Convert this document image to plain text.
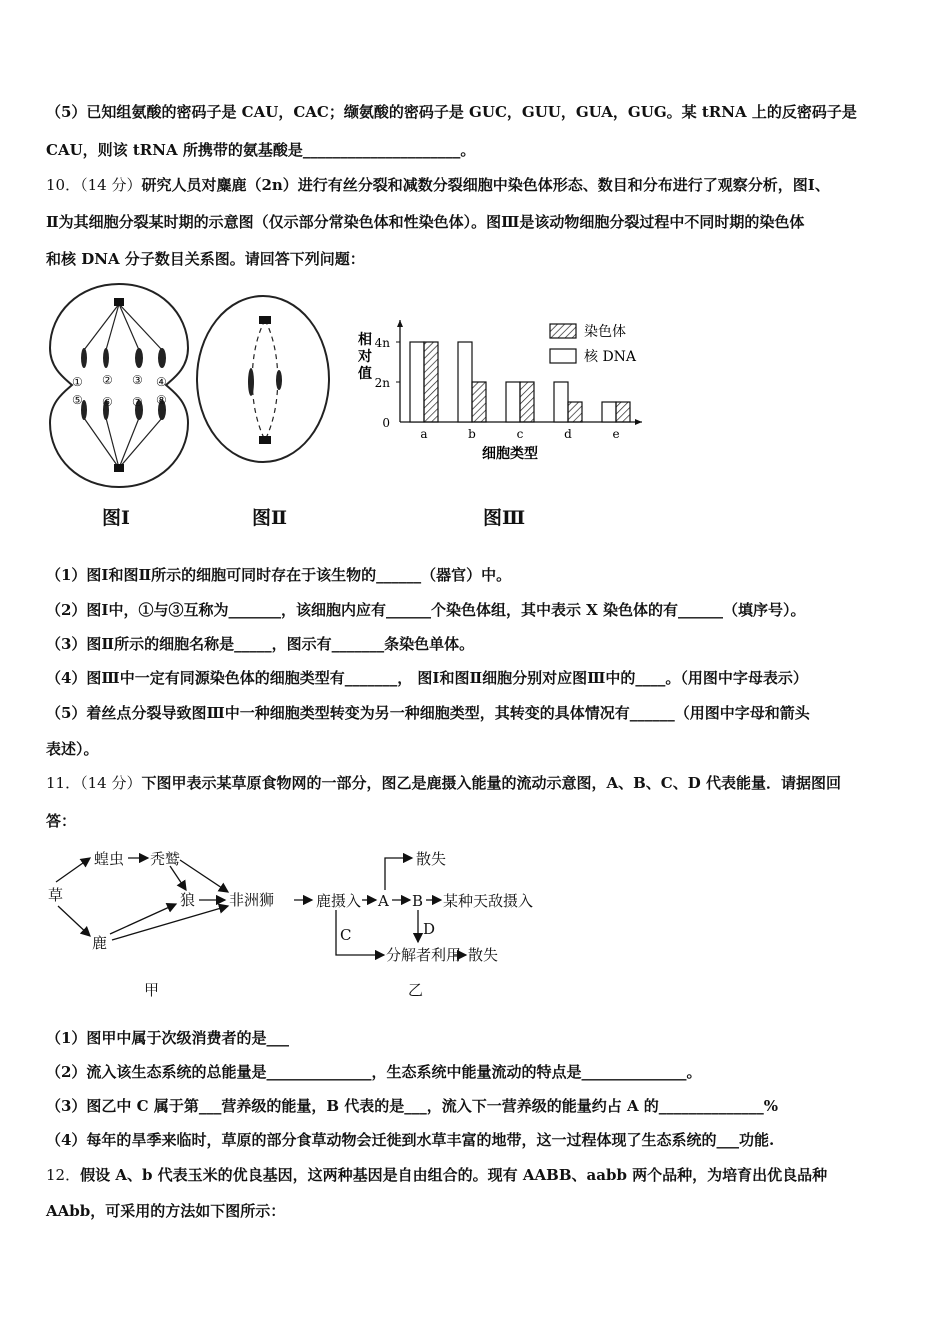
（5）已知组氨酸的密码子是 CAU，CAC；缬氨酸的密码子是 GUC，GUU，GUA，GUG。某 tRNA 上的反密码子是
CAU，则该 tRNA 所携带的氨基酸是_____________________。
10．（14 分）研究人员对麋鹿（2n）进行有丝分裂和减数分裂细胞中染色体形态、数目和分布进行了观察分析，图Ⅰ、
Ⅱ为其细胞分裂某时期的示意图（仅示部分常染色体和性染色体）。图Ⅲ是该动物细胞分裂过程中不同时期的染色体
和核 DNA 分子数目关系图。请回答下列问题：
① ② ③ ④
⑤ ⑥ ⑦ ⑧
图Ⅰ	图Ⅱ
相
对
值
0
2n
4n
a	b	c	d	e
细胞类型
染色体
核 DNA
图Ⅲ
（1）图Ⅰ和图Ⅱ所示的细胞可同时存在于该生物的______（器官）中。
（2）图Ⅰ中，①与③互称为_______，该细胞内应有______个染色体组，其中表示 X 染色体的有______（填序号）。
（3）图Ⅱ所示的细胞名称是_____，图示有_______条染色单体。
（4）图Ⅲ中一定有同源染色体的细胞类型有_______， 图Ⅰ和图Ⅱ细胞分别对应图Ⅲ中的____。（用图中字母表示）
（5）着丝点分裂导致图Ⅲ中一种细胞类型转变为另一种细胞类型，其转变的具体情况有______（用图中字母和箭头
表述）。
11．（14 分）下图甲表示某草原食物网的一部分，图乙是鹿摄入能量的流动示意图，A、B、C、D 代表能量．请据图回
答：
草
蝗虫 秃鹫
狼 非洲狮
鹿
甲
鹿摄入 A B 某种天敌摄入
散失
D
C
分解者利用 散失
乙
（1）图甲中属于次级消费者的是___
（2）流入该生态系统的总能量是______________，生态系统中能量流动的特点是______________。
（3）图乙中 C 属于第___营养级的能量，B 代表的是___，流入下一营养级的能量约占 A 的______________%
（4）每年的旱季来临时，草原的部分食草动物会迁徙到水草丰富的地带，这一过程体现了生态系统的___功能.
12．假设 A、b 代表玉米的优良基因，这两种基因是自由组合的。现有 AABB、aabb 两个品种，为培育出优良品种
AAbb，可采用的方法如下图所示：
